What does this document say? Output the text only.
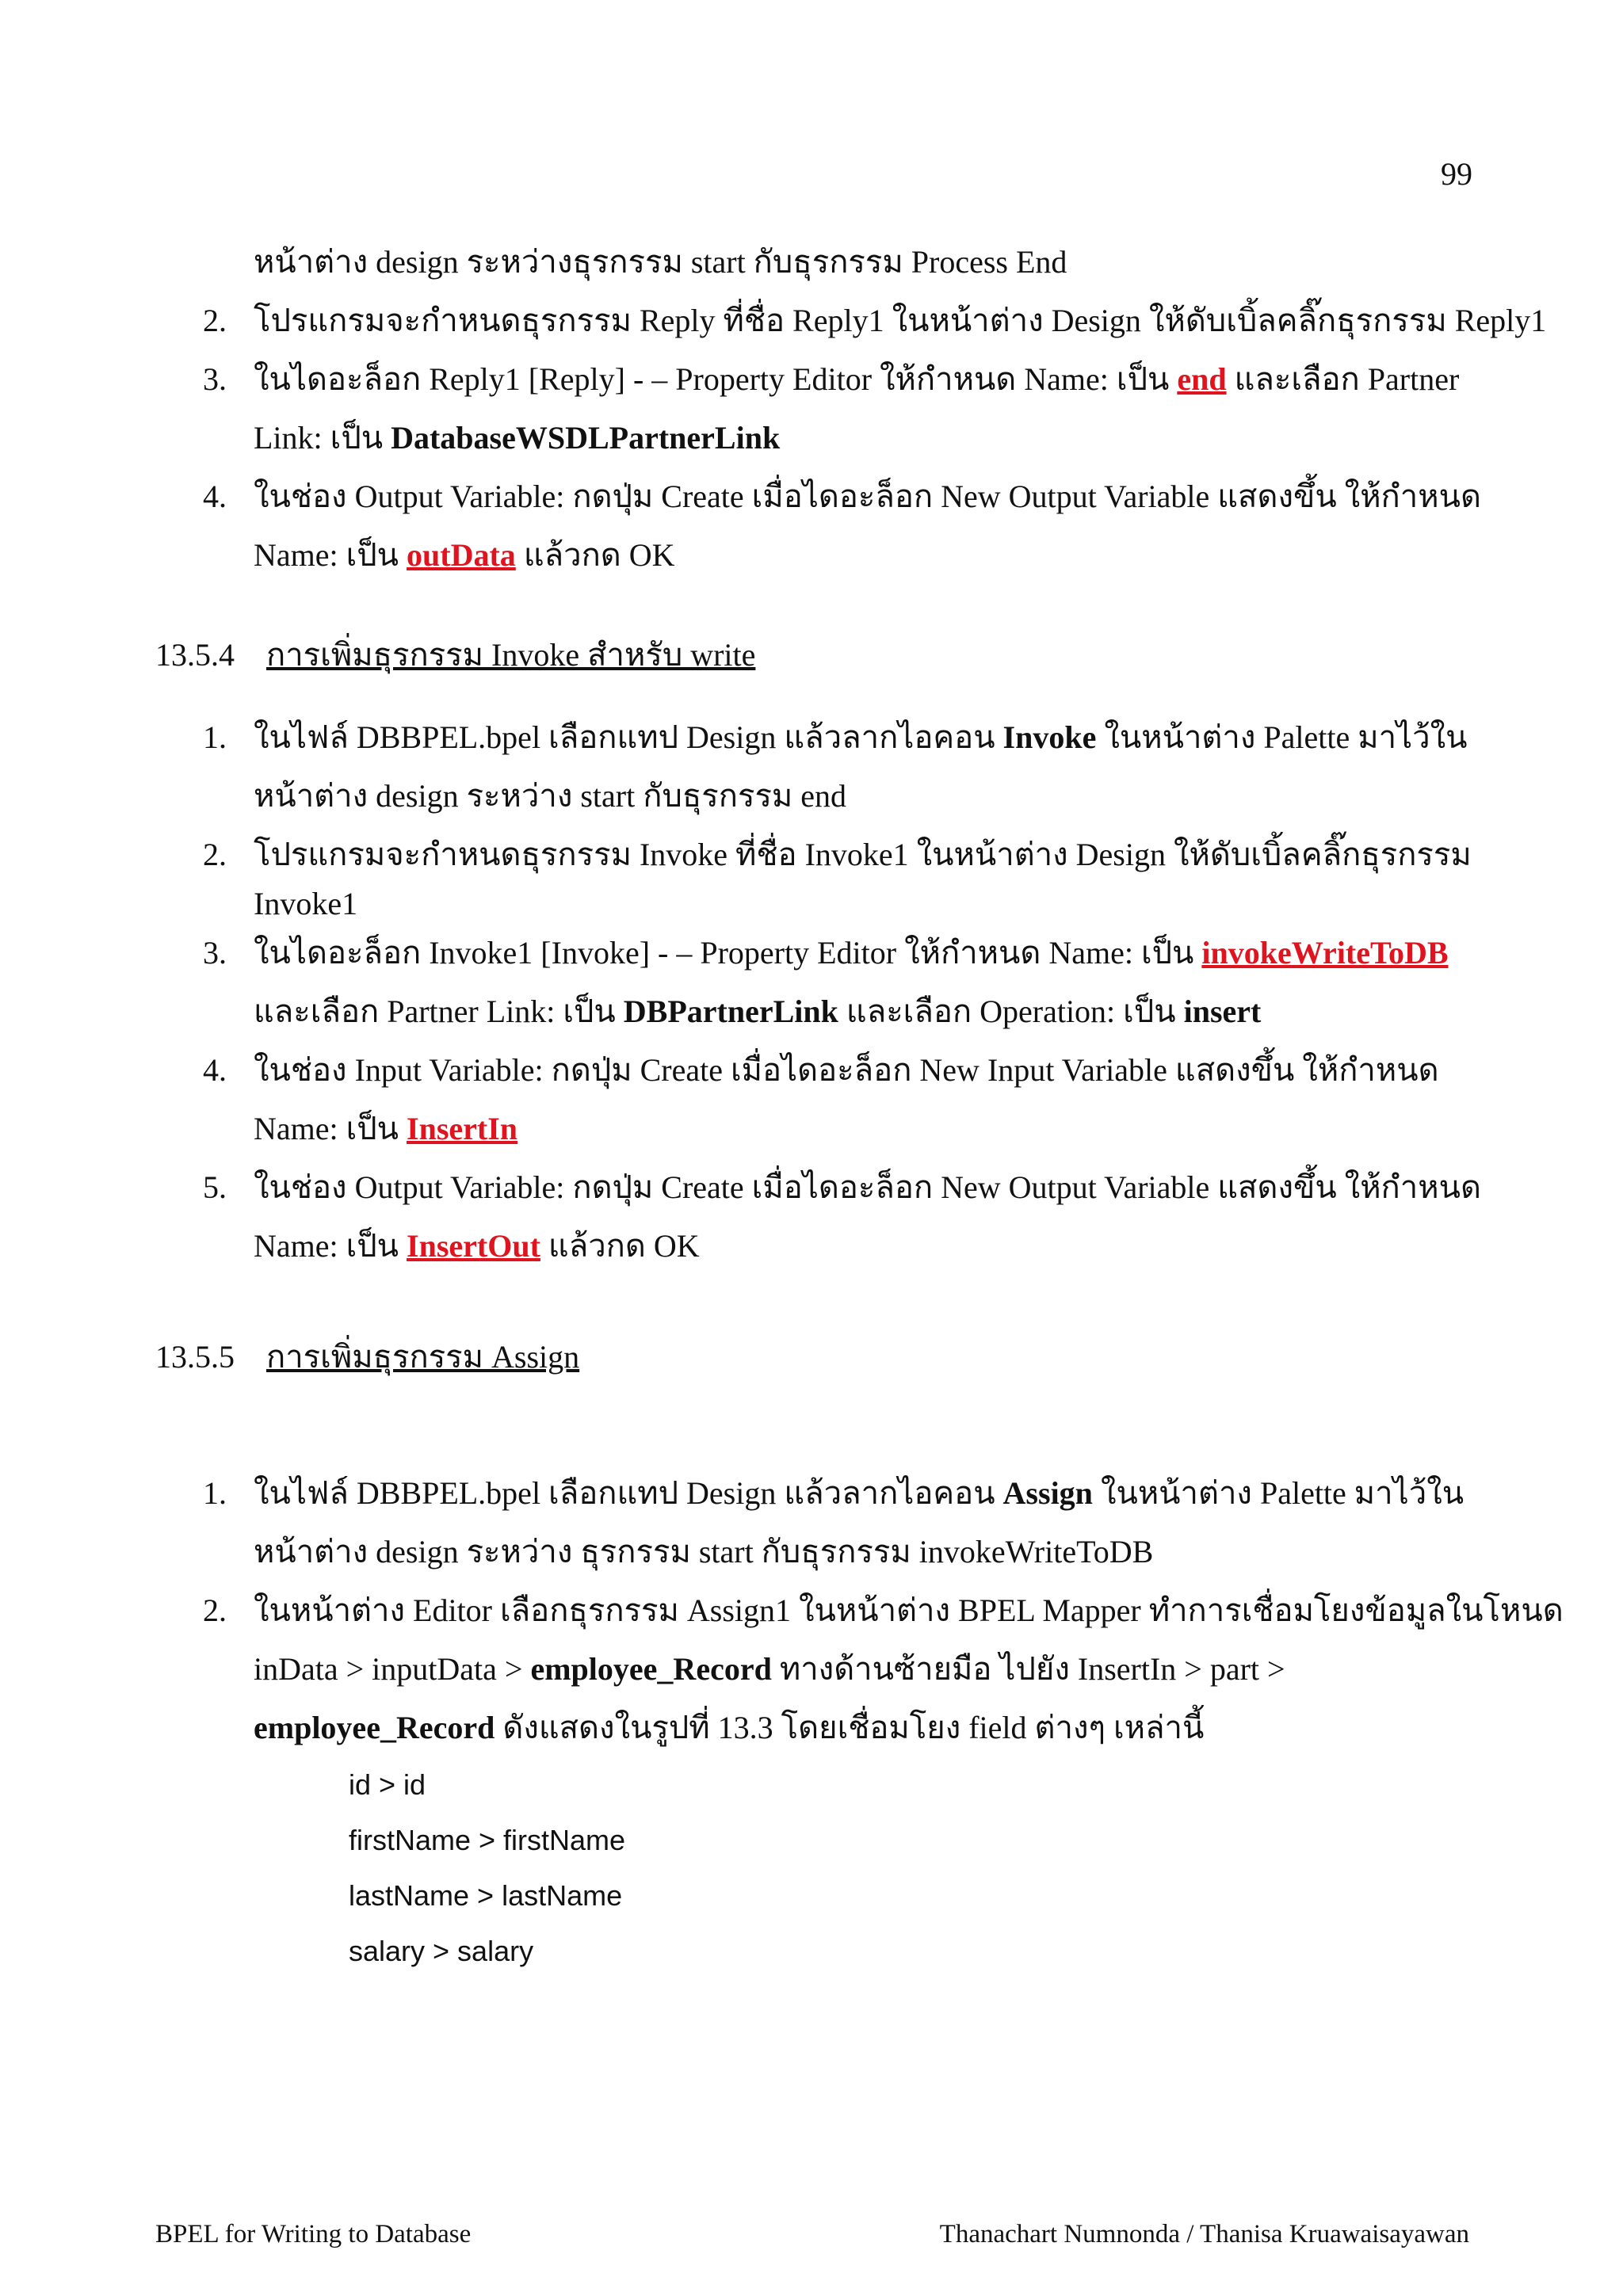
99
หน้าต่าง design ระหว่างธุรกรรม start กับธุรกรรม Process End
2. โปรแกรมจะกำหนดธุรกรรม Reply ที่ชื่อ Reply1 ในหน้าต่าง Design ให้ดับเบิ้ลคลิ๊กธุรกรรม Reply1
3. ในไดอะล็อก Reply1 [Reply] - – Property Editor ให้กำหนด Name: เป็น end และเลือก Partner
Link: เป็น DatabaseWSDLPartnerLink
4. ในช่อง Output Variable: กดปุ่ม Create เมื่อไดอะล็อก New Output Variable แสดงขึ้น ให้กำหนด
Name: เป็น outData แล้วกด OK
13.5.4 การเพิ่มธุรกรรม Invoke สำหรับ write
1. ในไฟล์ DBBPEL.bpel เลือกแทป Design แล้วลากไอคอน Invoke ในหน้าต่าง Palette มาไว้ใน
หน้าต่าง design ระหว่าง start กับธุรกรรม end
2. โปรแกรมจะกำหนดธุรกรรม Invoke ที่ชื่อ Invoke1 ในหน้าต่าง Design ให้ดับเบิ้ลคลิ๊กธุรกรรม
Invoke1
3. ในไดอะล็อก Invoke1 [Invoke] - – Property Editor ให้กำหนด Name: เป็น invokeWriteToDB
และเลือก Partner Link: เป็น DBPartnerLink และเลือก Operation: เป็น insert
4. ในช่อง Input Variable: กดปุ่ม Create เมื่อไดอะล็อก New Input Variable แสดงขึ้น ให้กำหนด
Name: เป็น InsertIn
5. ในช่อง Output Variable: กดปุ่ม Create เมื่อไดอะล็อก New Output Variable แสดงขึ้น ให้กำหนด
Name: เป็น InsertOut แล้วกด OK
13.5.5 การเพิ่มธุรกรรม Assign
1. ในไฟล์ DBBPEL.bpel เลือกแทป Design แล้วลากไอคอน Assign ในหน้าต่าง Palette มาไว้ใน
หน้าต่าง design ระหว่าง ธุรกรรม start กับธุรกรรม invokeWriteToDB
2. ในหน้าต่าง Editor เลือกธุรกรรม Assign1 ในหน้าต่าง BPEL Mapper ทำการเชื่อมโยงข้อมูลในโหนด
inData > inputData > employee_Record ทางด้านซ้ายมือ ไปยัง InsertIn > part >
employee_Record ดังแสดงในรูปที่ 13.3 โดยเชื่อมโยง field ต่างๆ เหล่านี้
id > id
firstName > firstName
lastName > lastName
salary > salary
BPEL for Writing to Database	Thanachart Numnonda / Thanisa Kruawaisayawan
